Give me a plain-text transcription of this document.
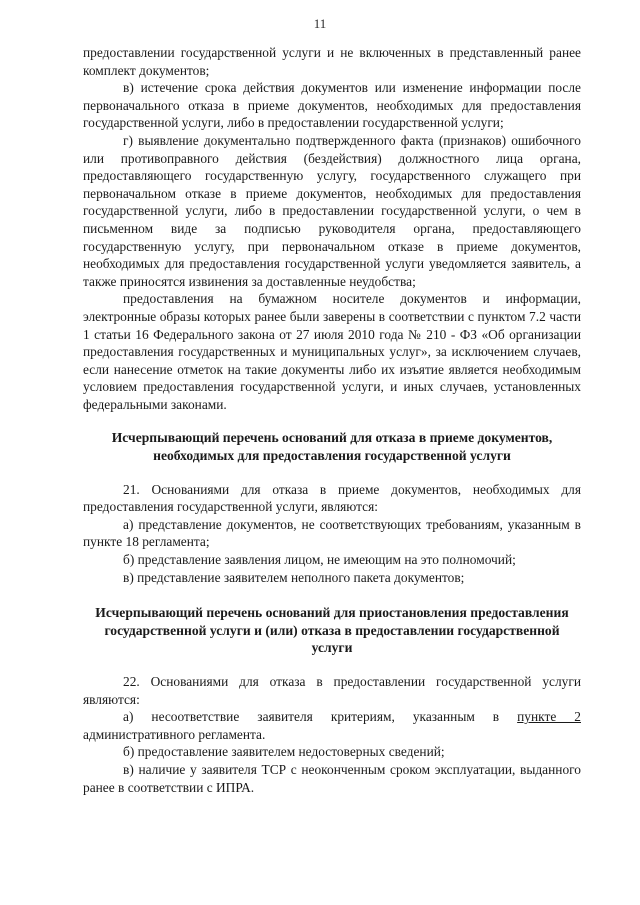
11

предоставлении государственной услуги и не включенных в представленный ранее комплект документов;

в) истечение срока действия документов или изменение информации после первоначального отказа в приеме документов, необходимых для предоставления государственной услуги, либо в предоставлении государственной услуги;

г) выявление документально подтвержденного факта (признаков) ошибочного или противоправного действия (бездействия) должностного лица органа, предоставляющего государственную услугу, государственного служащего при первоначальном отказе в приеме документов, необходимых для предоставления государственной услуги, либо в предоставлении государственной услуги, о чем в письменном виде за подписью руководителя органа, предоставляющего государственную услугу, при первоначальном отказе в приеме документов, необходимых для предоставления государственной услуги уведомляется заявитель, а также приносятся извинения за доставленные неудобства;

предоставления на бумажном носителе документов и информации, электронные образы которых ранее были заверены в соответствии с пунктом 7.2 части 1 статьи 16 Федерального закона от 27 июля 2010 года № 210 - ФЗ «Об организации предоставления государственных и муниципальных услуг», за исключением случаев, если нанесение отметок на такие документы либо их изъятие является необходимым условием предоставления государственной услуги, и иных случаев, установленных федеральными законами.

Исчерпывающий перечень оснований для отказа в приеме документов, необходимых для предоставления государственной услуги

21. Основаниями для отказа в приеме документов, необходимых для предоставления государственной услуги, являются:

а) представление документов, не соответствующих требованиям, указанным в пункте 18 регламента;

б) представление заявления лицом, не имеющим на это полномочий;

в) представление заявителем неполного пакета документов;

Исчерпывающий перечень оснований для приостановления предоставления государственной услуги и (или) отказа в предоставлении государственной услуги

22. Основаниями для отказа в предоставлении государственной услуги являются:

а) несоответствие заявителя критериям, указанным в пункте 2 административного регламента.

б) предоставление заявителем недостоверных сведений;

в) наличие у заявителя ТСР с неоконченным сроком эксплуатации, выданного ранее в соответствии с ИПРА.
